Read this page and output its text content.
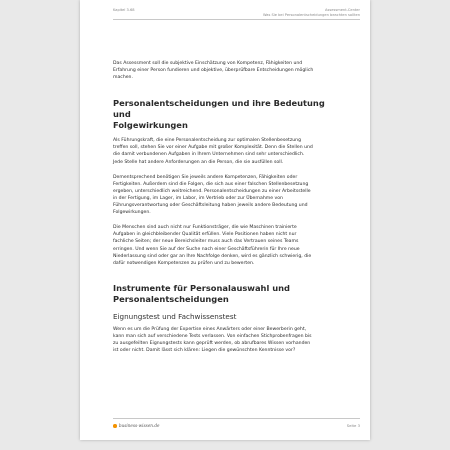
Kapitel 3.68	Assessment-Center
Was Sie bei Personalentscheidungen beachten sollten
Das Assessment soll die subjektive Einschätzung von Kompetenz, Fähigkeiten und
Erfahrung einer Person fundieren und objektive, überprüfbare Entscheidungen möglich
machen.
Personalentscheidungen und ihre Bedeutung und
Folgewirkungen
Als Führungskraft, die eine Personalentscheidung zur optimalen Stellenbesetzung
treffen soll, stehen Sie vor einer Aufgabe mit großer Komplexität. Denn die Stellen und
die damit verbundenen Aufgaben in Ihrem Unternehmen sind sehr unterschiedlich.
Jede Stelle hat andere Anforderungen an die Person, die sie ausfüllen soll.
Dementsprechend benötigen Sie jeweils andere Kompetenzen, Fähigkeiten oder
Fertigkeiten. Außerdem sind die Folgen, die sich aus einer falschen Stellenbesetzung
ergeben, unterschiedlich weitreichend. Personalentscheidungen zu einer Arbeitsstelle
in der Fertigung, im Lager, im Labor, im Vertrieb oder zur Übernahme von
Führungsverantwortung oder Geschäftsleitung haben jeweils andere Bedeutung und
Folgewirkungen.
Die Menschen sind auch nicht nur Funktionsträger, die wie Maschinen trainierte
Aufgaben in gleichbleibender Qualität erfüllen. Viele Positionen haben nicht nur
fachliche Seiten; der neue Bereichsleiter muss auch das Vertrauen seines Teams
erringen. Und wenn Sie auf der Suche nach einer Geschäftsführerin für Ihre neue
Niederlassung sind oder gar an Ihre Nachfolge denken, wird es gänzlich schwierig, die
dafür notwendigen Kompetenzen zu prüfen und zu bewerten.
Instrumente für Personalauswahl und
Personalentscheidungen
Eignungstest und Fachwissenstest
Wenn es um die Prüfung der Expertise eines Anwärters oder einer Bewerberin geht,
kann man sich auf verschiedene Tests verlassen. Von einfachen Stichprobenfragen bis
zu ausgefeilten Eignungstests kann geprüft werden, ob abrufbares Wissen vorhanden
ist oder nicht. Damit lässt sich klären: Liegen die gewünschten Kenntnisse vor?
business-wissen.de	Seite 3
